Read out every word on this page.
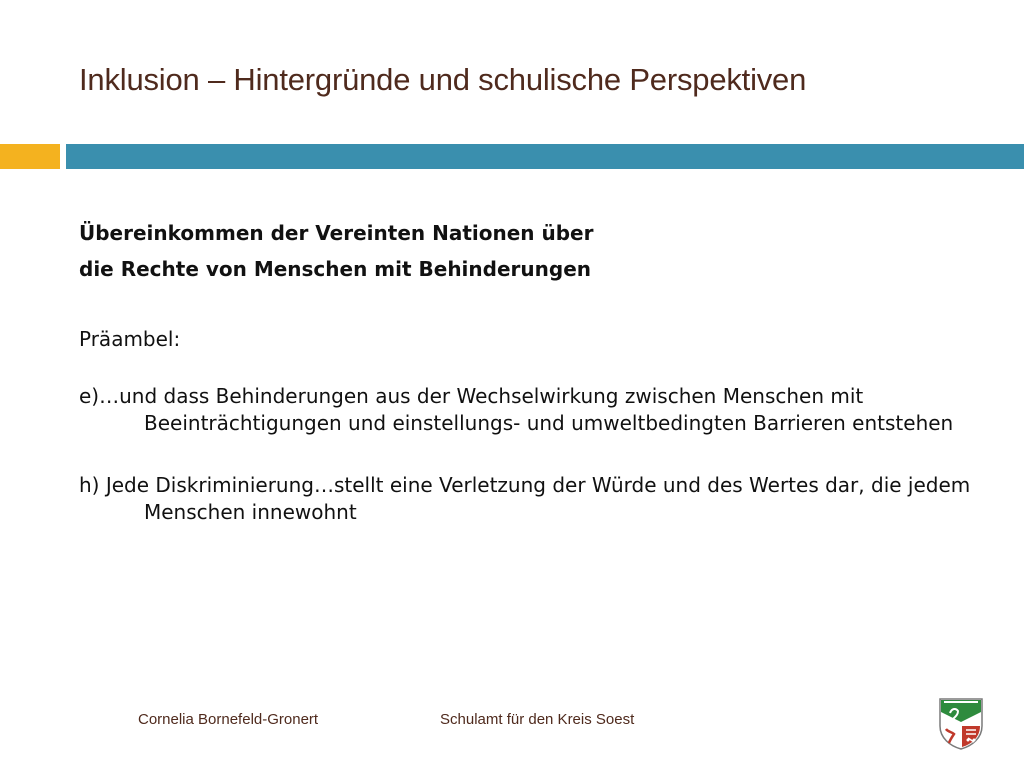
Inklusion – Hintergründe und schulische Perspektiven
Übereinkommen der Vereinten Nationen über
die Rechte von Menschen mit Behinderungen

Präambel:

e)…und dass Behinderungen aus der Wechselwirkung zwischen Menschen mit Beeinträchtigungen und einstellungs- und umweltbedingten Barrieren entstehen

h) Jede Diskriminierung…stellt eine Verletzung der Würde und des Wertes dar, die jedem Menschen innewohnt

Cornelia Bornefeld-Gronert	Schulamt für den Kreis Soest
